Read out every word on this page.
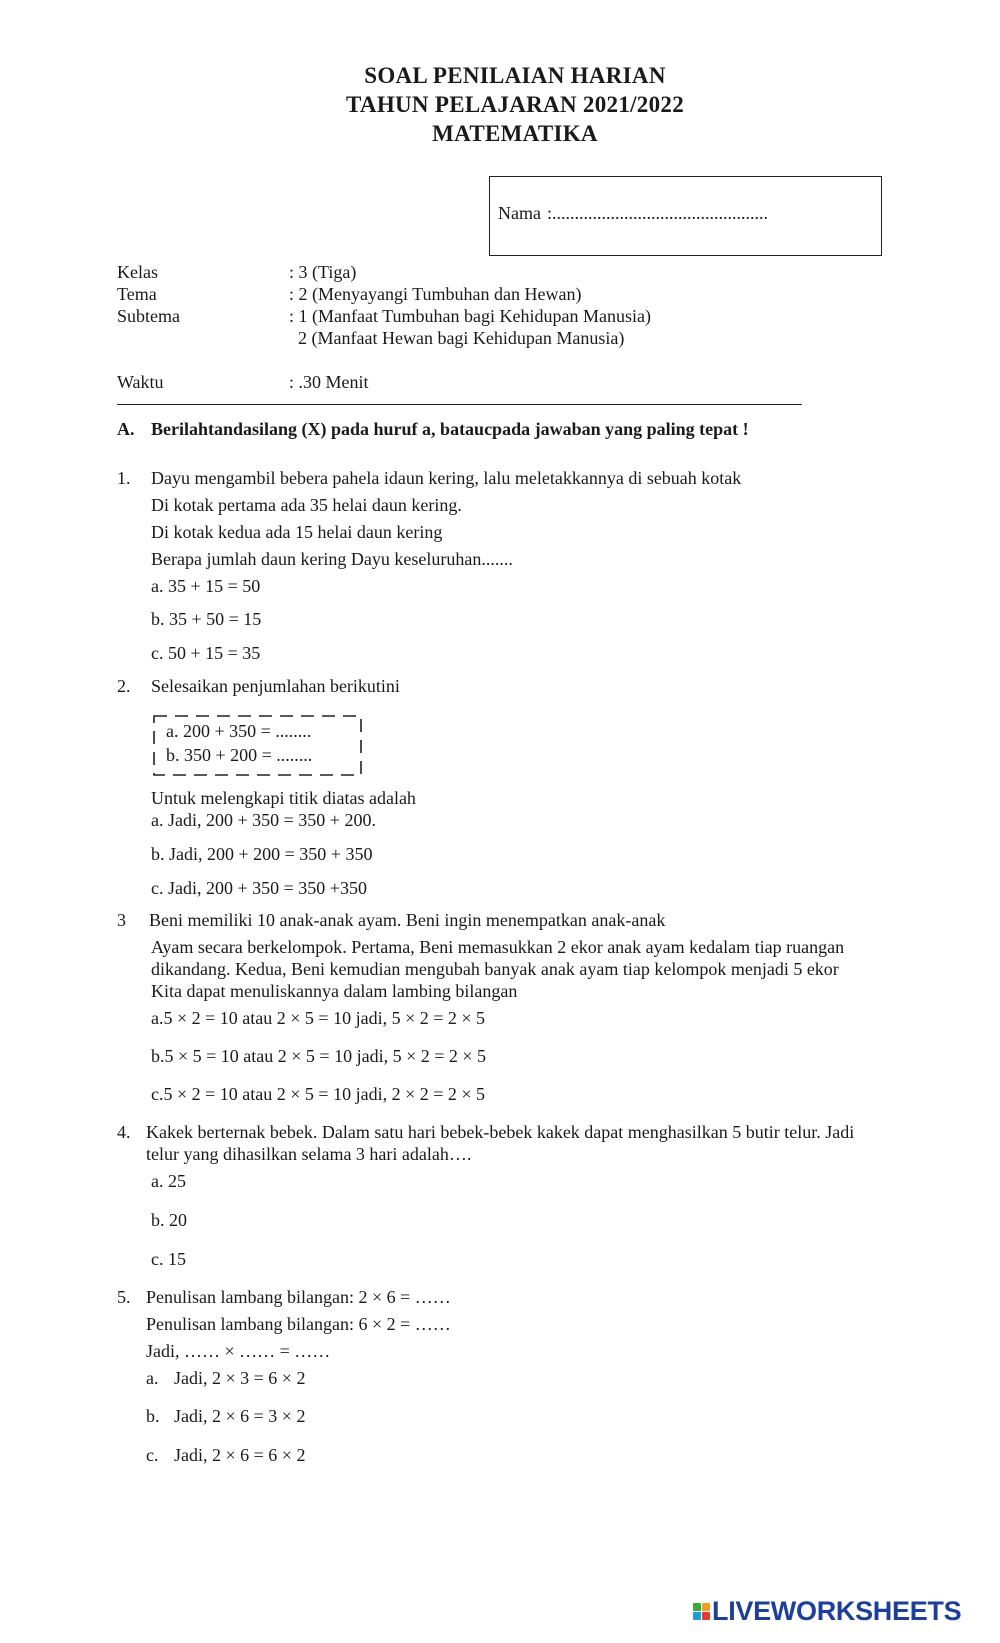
SOAL PENILAIAN HARIAN
TAHUN PELAJARAN 2021/2022
MATEMATIKA
Nama :................................................
Kelas	: 3 (Tiga)
Tema	: 2 (Menyayangi Tumbuhan dan Hewan)
Subtema	: 1 (Manfaat Tumbuhan bagi Kehidupan Manusia)
2 (Manfaat Hewan bagi Kehidupan Manusia)
Waktu	: .30 Menit
A. Berilahtandasilang (X) pada huruf a, bataucpada jawaban yang paling tepat !
1. Dayu mengambil bebera pahela idaun kering, lalu meletakkannya di sebuah kotak
Di kotak pertama ada 35 helai daun kering.
Di kotak kedua ada 15 helai daun kering
Berapa jumlah daun kering Dayu keseluruhan.......
a. 35 + 15 = 50
b. 35 + 50 = 15
c. 50 + 15 = 35
2. Selesaikan penjumlahan berikutini
a. 200 + 350 = ........
b. 350 + 200 = ........
Untuk melengkapi titik diatas adalah
a. Jadi, 200 + 350 = 350 + 200.
b. Jadi, 200 + 200 = 350 + 350
c. Jadi, 200 + 350 = 350 +350
3 Beni memiliki 10 anak-anak ayam. Beni ingin menempatkan anak-anak
Ayam secara berkelompok. Pertama, Beni memasukkan 2 ekor anak ayam kedalam tiap ruangan
dikandang. Kedua, Beni kemudian mengubah banyak anak ayam tiap kelompok menjadi 5 ekor
Kita dapat menuliskannya dalam lambing bilangan
a.5 × 2 = 10 atau 2 × 5 = 10 jadi, 5 × 2 = 2 × 5
b.5 × 5 = 10 atau 2 × 5 = 10 jadi, 5 × 2 = 2 × 5
c.5 × 2 = 10 atau 2 × 5 = 10 jadi, 2 × 2 = 2 × 5
4. Kakek berternak bebek. Dalam satu hari bebek-bebek kakek dapat menghasilkan 5 butir telur. Jadi
telur yang dihasilkan selama 3 hari adalah….
a. 25
b. 20
c. 15
5. Penulisan lambang bilangan: 2 × 6 = ……
Penulisan lambang bilangan: 6 × 2 = ……
Jadi, …… × …… = ……
a. Jadi, 2 × 3 = 6 × 2
b. Jadi, 2 × 6 = 3 × 2
c. Jadi, 2 × 6 = 6 × 2
LIVEWORKSHEETS
